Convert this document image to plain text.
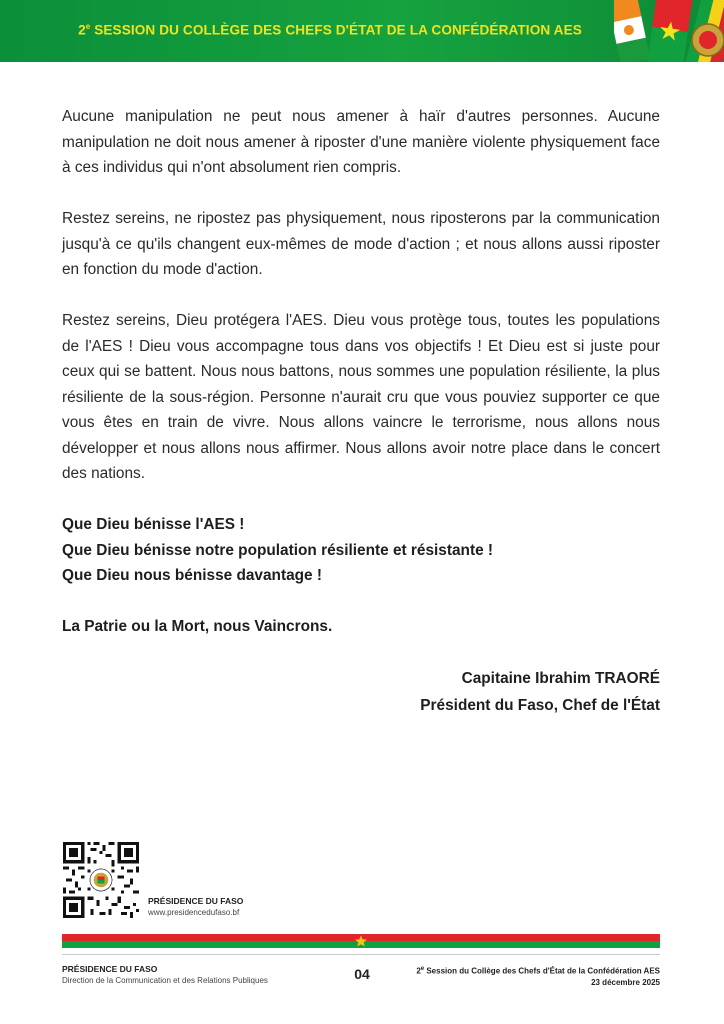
2e SESSION DU COLLÈGE DES CHEFS D'ÉTAT DE LA CONFÉDÉRATION AES

Aucune manipulation ne peut nous amener à haïr d'autres personnes. Aucune manipulation ne doit nous amener à riposter d'une manière violente physiquement face à ces individus qui n'ont absolument rien compris.

Restez sereins, ne ripostez pas physiquement, nous riposterons par la communication jusqu'à ce qu'ils changent eux-mêmes de mode d'action ; et nous allons aussi riposter en fonction du mode d'action.

Restez sereins, Dieu protégera l'AES. Dieu vous protège tous, toutes les populations de l'AES ! Dieu vous accompagne tous dans vos objectifs ! Et Dieu est si juste pour ceux qui se battent. Nous nous battons, nous sommes une population résiliente, la plus résiliente de la sous-région. Personne n'aurait cru que vous pouviez supporter ce que vous êtes en train de vivre. Nous allons vaincre le terrorisme, nous allons nous développer et nous allons nous affirmer. Nous allons avoir notre place dans le concert des nations.

Que Dieu bénisse l'AES !

Que Dieu bénisse notre population résiliente et résistante !

Que Dieu nous bénisse davantage !

La Patrie ou la Mort, nous Vaincrons.

Capitaine Ibrahim TRAORÉ
Président du Faso, Chef de l'État
PRÉSIDENCE DU FASO
www.presidencedufaso.bf
PRÉSIDENCE DU FASO
Direction de la Communication et des Relations Publiques	04	2e Session du Collège des Chefs d'État de la Confédération AES
23 décembre 2025
